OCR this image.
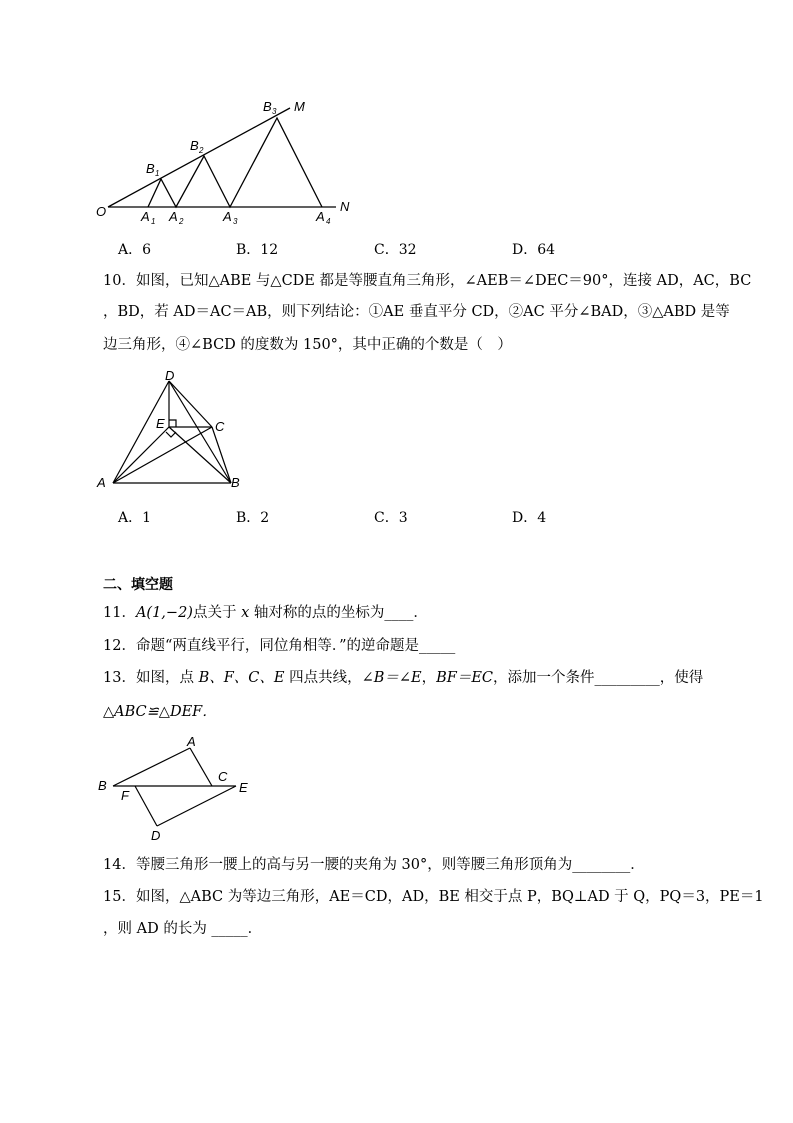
O	N
M
A 1 A 2	A 3	A 4
B 1
B 2
B 3
A．6	B．12	C．32	D．64
10．如图，已知△ABE 与△CDE 都是等腰直角三角形，∠AEB＝∠DEC＝90°，连接 AD，AC，BC
，BD，若 AD＝AC＝AB，则下列结论：①AE 垂直平分 CD，②AC 平分∠BAD，③△ABD 是等
边三角形，④∠BCD 的度数为 150°，其中正确的个数是（　）
D
E	C
A	B
A．1	B．2	C．3	D．4
二、填空题
11．A(1,−2)点关于 x 轴对称的点的坐标为____．
12．命题“两直线平行，同位角相等．”的逆命题是_____
13．如图，点 B、F、C、E 四点共线，∠B＝∠E，BF＝EC，添加一个条件_________，使得
△ABC≌△DEF．
A
B
C
E
F
D
14．等腰三角形一腰上的高与另一腰的夹角为 30°，则等腰三角形顶角为________．
15．如图，△ABC 为等边三角形，AE＝CD，AD，BE 相交于点 P，BQ⊥AD 于 Q，PQ＝3，PE＝1
，则 AD 的长为 _____．
